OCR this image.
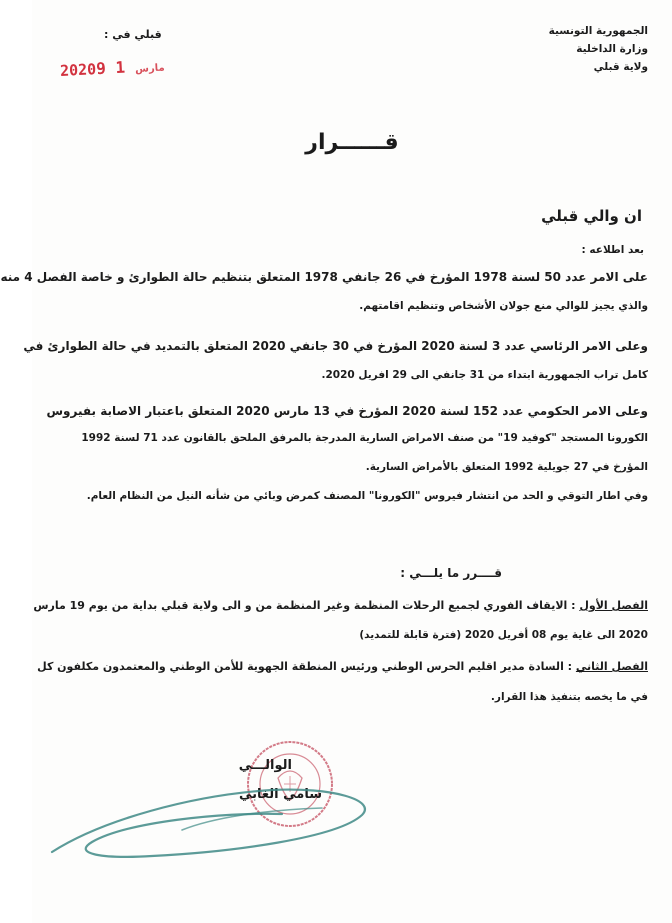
الجمهورية التونسية
وزارة الداخلية
ولاية قبلي
قبلي في :
2020	مارس1 9
قــــــرار
ان والي قبلي
بعد اطلاعه :
على الامر عدد 50 لسنة 1978 المؤرخ في 26 جانفي 1978 المتعلق بتنظيم حالة الطوارئ و خاصة الفصل 4 منه
والذي يجيز للوالي منع جولان الأشخاص وتنظيم اقامتهم.
وعلى الامر الرئاسي عدد 3 لسنة 2020 المؤرخ في 30 جانفي 2020 المتعلق بالتمديد في حالة الطوارئ في
كامل تراب الجمهورية ابتداء من 31 جانفي الى 29 افريل 2020.
وعلى الامر الحكومي عدد 152 لسنة 2020 المؤرخ في 13 مارس 2020 المتعلق باعتبار الاصابة بفيروس
الكورونا المستجد "كوفيد 19" من صنف الامراض السارية المدرجة بالمرفق الملحق بالقانون عدد 71 لسنة 1992
المؤرخ في 27 جويلية 1992 المتعلق بالأمراض السارية.
وفي اطار التوقي و الحد من انتشار فيروس "الكورونا" المصنف كمرض وبائي من شأنه النيل من النظام العام.
قــــرر ما يلـــي :
الفصل الأول : الايقاف الفوري لجميع الرحلات المنظمة وغير المنظمة من و الى ولاية قبلي بداية من يوم 19 مارس
2020 الى غاية يوم 08 أفريل 2020 (فترة قابلة للتمديد)
الفصل الثاني : السادة مدير اقليم الحرس الوطني ورئيس المنطقة الجهوية للأمن الوطني والمعتمدون مكلفون كل
في ما يخصه بتنفيذ هذا القرار.
الوالـــي
سامي الغابي
